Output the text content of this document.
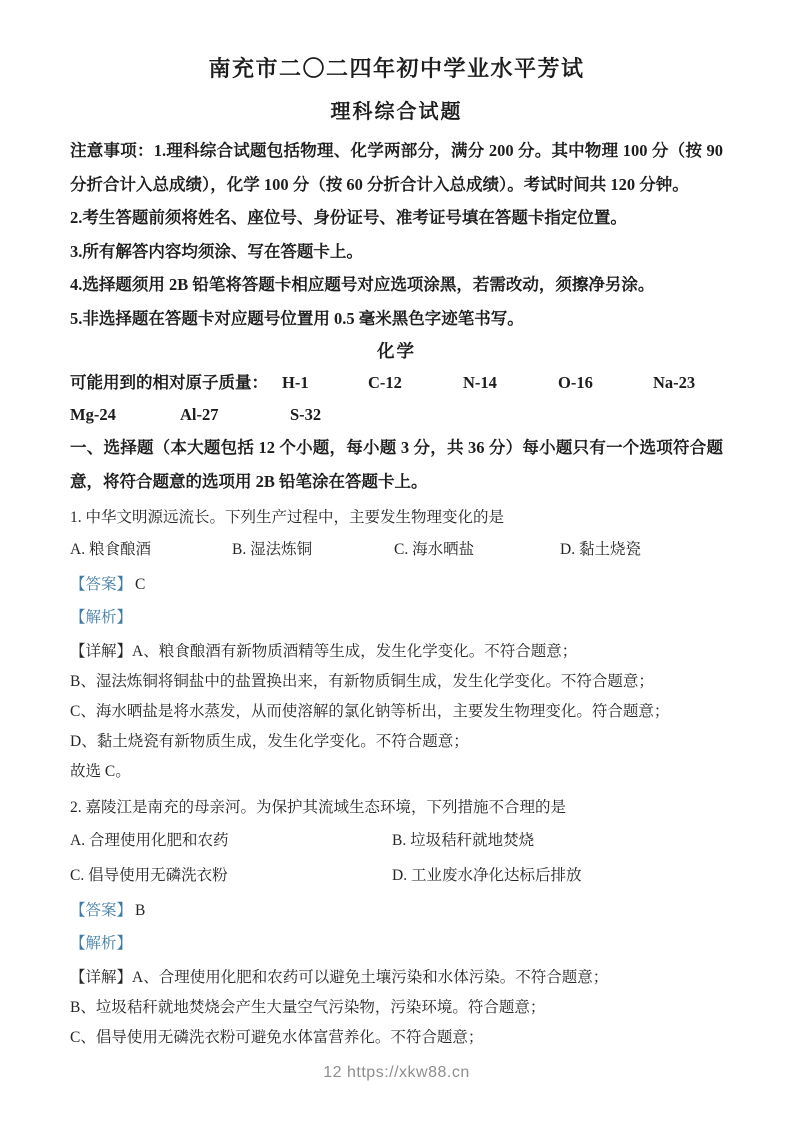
南充市二〇二四年初中学业水平芳试
理科综合试题

注意事项：1.理科综合试题包括物理、化学两部分，满分 200 分。其中物理 100 分（按 90 分折合计入总成绩），化学 100 分（按 60 分折合计入总成绩）。考试时间共 120 分钟。

2.考生答题前须将姓名、座位号、身份证号、准考证号填在答题卡指定位置。

3.所有解答内容均须涂、写在答题卡上。

4.选择题须用 2B 铅笔将答题卡相应题号对应选项涂黑，若需改动，须擦净另涂。

5.非选择题在答题卡对应题号位置用 0.5 毫米黑色字迹笔书写。

化学

可能用到的相对原子质量： H-1	C-12	N-14	O-16	Na-23
Mg-24	Al-27	S-32

一、选择题（本大题包括 12 个小题，每小题 3 分，共 36 分）每小题只有一个选项符合题意，将符合题意的选项用 2B 铅笔涂在答题卡上。

1. 中华文明源远流长。下列生产过程中，主要发生物理变化的是

A. 粮食酿酒	B. 湿法炼铜	C. 海水晒盐	D. 黏土烧瓷

【答案】 C

【解析】

【详解】A、粮食酿酒有新物质酒精等生成，发生化学变化。不符合题意；

B、湿法炼铜将铜盐中的盐置换出来，有新物质铜生成，发生化学变化。不符合题意；

C、海水晒盐是将水蒸发，从而使溶解的氯化钠等析出，主要发生物理变化。符合题意；

D、黏土烧瓷有新物质生成，发生化学变化。不符合题意；

故选 C。

2. 嘉陵江是南充的母亲河。为保护其流域生态环境，下列措施不合理的是

A. 合理使用化肥和农药	B. 垃圾秸秆就地焚烧
C. 倡导使用无磷洗衣粉	D. 工业废水净化达标后排放

【答案】 B

【解析】

【详解】A、合理使用化肥和农药可以避免土壤污染和水体污染。不符合题意；

B、垃圾秸秆就地焚烧会产生大量空气污染物，污染环境。符合题意；

C、倡导使用无磷洗衣粉可避免水体富营养化。不符合题意；

12 https://xkw88.cn
